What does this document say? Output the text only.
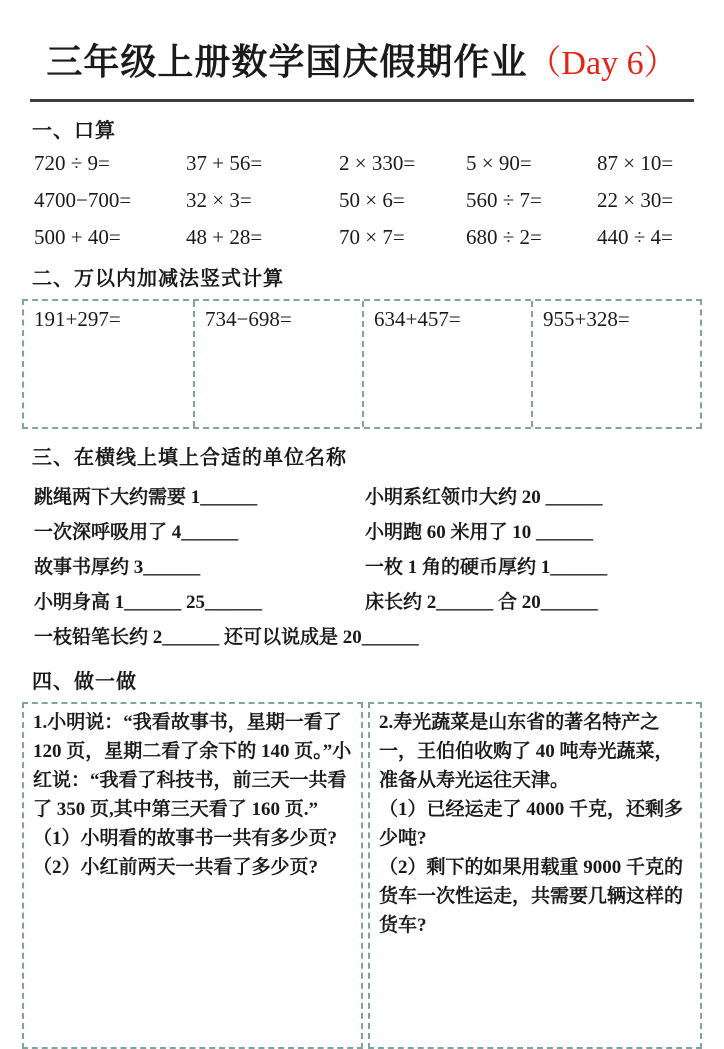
三年级上册数学国庆假期作业（Day 6）
一、口算
720 ÷ 9=	37 + 56=	2 × 330=	5 × 90=	87 × 10=
4700−700=	32 × 3=	50 × 6=	560 ÷ 7=	22 × 30=
500 + 40=	48 + 28=	70 × 7=	680 ÷ 2=	440 ÷ 4=
二、万以内加减法竖式计算
191+297=	734−698=	634+457=	955+328=
三、在横线上填上合适的单位名称
跳绳两下大约需要 1______	小明系红领巾大约 20 ______
一次深呼吸用了 4______	小明跑 60 米用了 10 ______
故事书厚约 3______	一枚 1 角的硬币厚约 1______
小明身高 1______ 25______	床长约 2______ 合 20______
一枝铅笔长约 2______ 还可以说成是 20______
四、做一做

1.小明说：“我看故事书，星期一看了 120 页，星期二看了余下的 140 页。”小红说：“我看了科技书，前三天一共看了 350 页,其中第三天看了 160 页.”

（1）小明看的故事书一共有多少页?

（2）小红前两天一共看了多少页?

2.寿光蔬菜是山东省的著名特产之一，王伯伯收购了 40 吨寿光蔬菜，准备从寿光运往天津。

（1）已经运走了 4000 千克，还剩多少吨?

（2）剩下的如果用载重 9000 千克的货车一次性运走，共需要几辆这样的货车?
